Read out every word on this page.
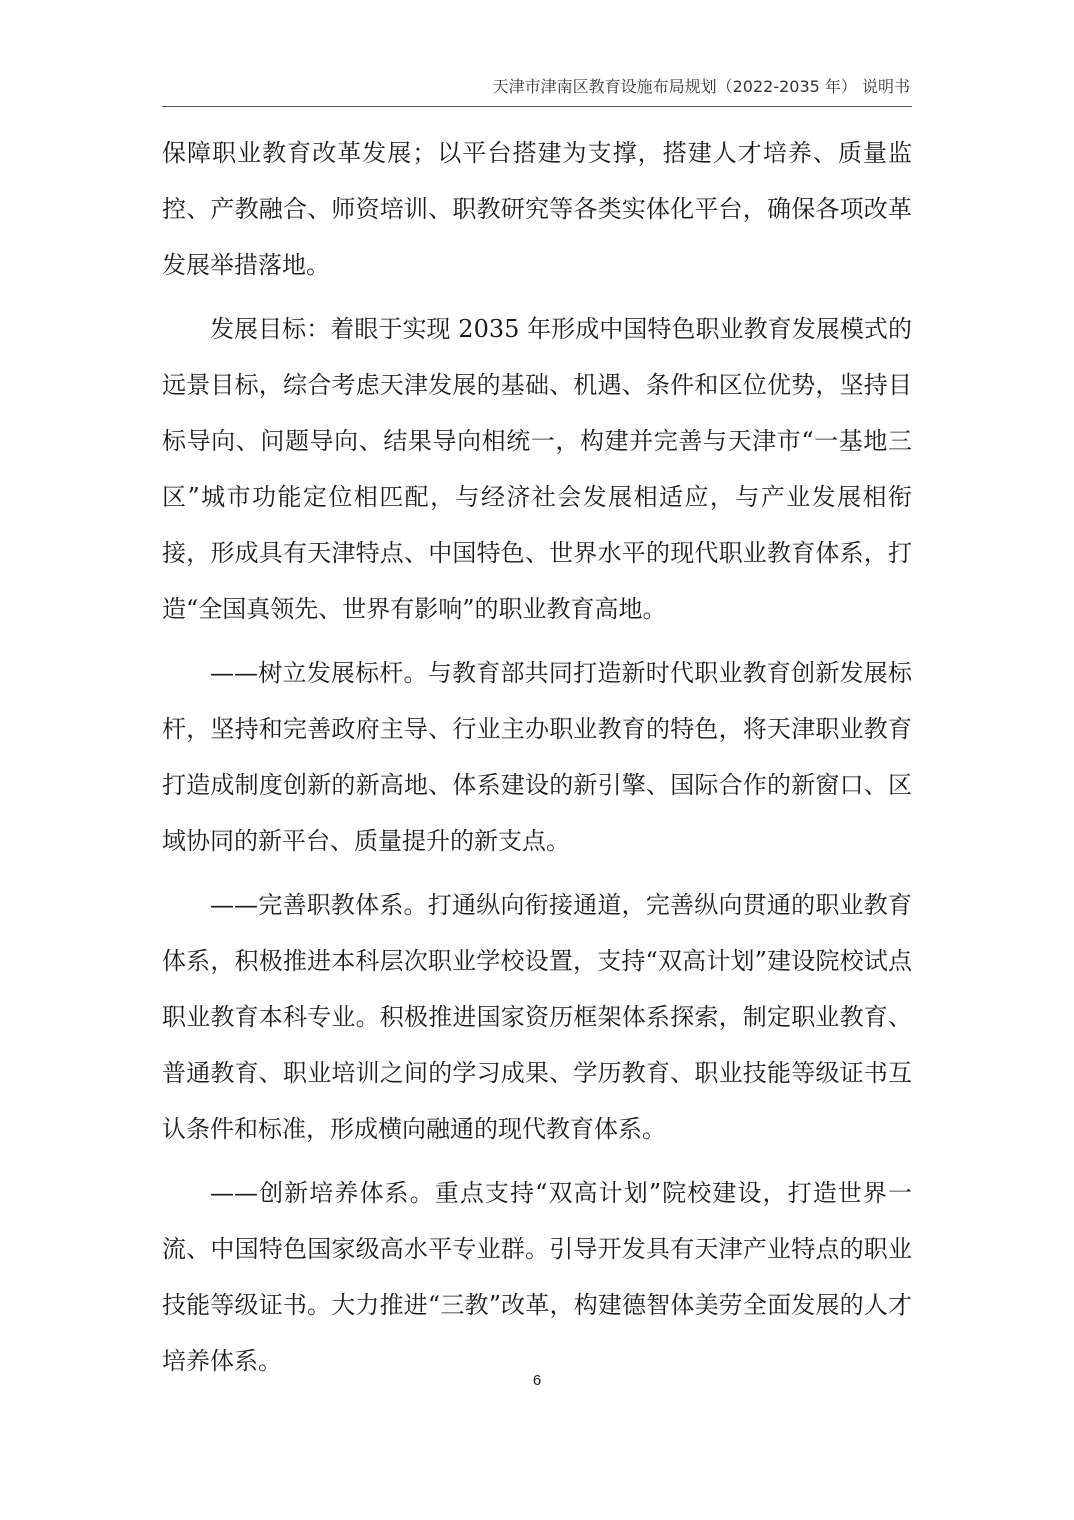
天津市津南区教育设施布局规划（2022-2035 年） 说明书

保障职业教育改革发展；以平台搭建为支撑，搭建人才培养、质量监控、产教融合、师资培训、职教研究等各类实体化平台，确保各项改革发展举措落地。

发展目标：着眼于实现 2035 年形成中国特色职业教育发展模式的远景目标，综合考虑天津发展的基础、机遇、条件和区位优势，坚持目标导向、问题导向、结果导向相统一，构建并完善与天津市“一基地三区”城市功能定位相匹配，与经济社会发展相适应，与产业发展相衔接，形成具有天津特点、中国特色、世界水平的现代职业教育体系，打造“全国真领先、世界有影响”的职业教育高地。

——树立发展标杆。与教育部共同打造新时代职业教育创新发展标杆，坚持和完善政府主导、行业主办职业教育的特色，将天津职业教育打造成制度创新的新高地、体系建设的新引擎、国际合作的新窗口、区域协同的新平台、质量提升的新支点。

——完善职教体系。打通纵向衔接通道，完善纵向贯通的职业教育体系，积极推进本科层次职业学校设置，支持“双高计划”建设院校试点职业教育本科专业。积极推进国家资历框架体系探索，制定职业教育、普通教育、职业培训之间的学习成果、学历教育、职业技能等级证书互认条件和标准，形成横向融通的现代教育体系。

——创新培养体系。重点支持“双高计划”院校建设，打造世界一流、中国特色国家级高水平专业群。引导开发具有天津产业特点的职业技能等级证书。大力推进“三教”改革，构建德智体美劳全面发展的人才培养体系。

6
